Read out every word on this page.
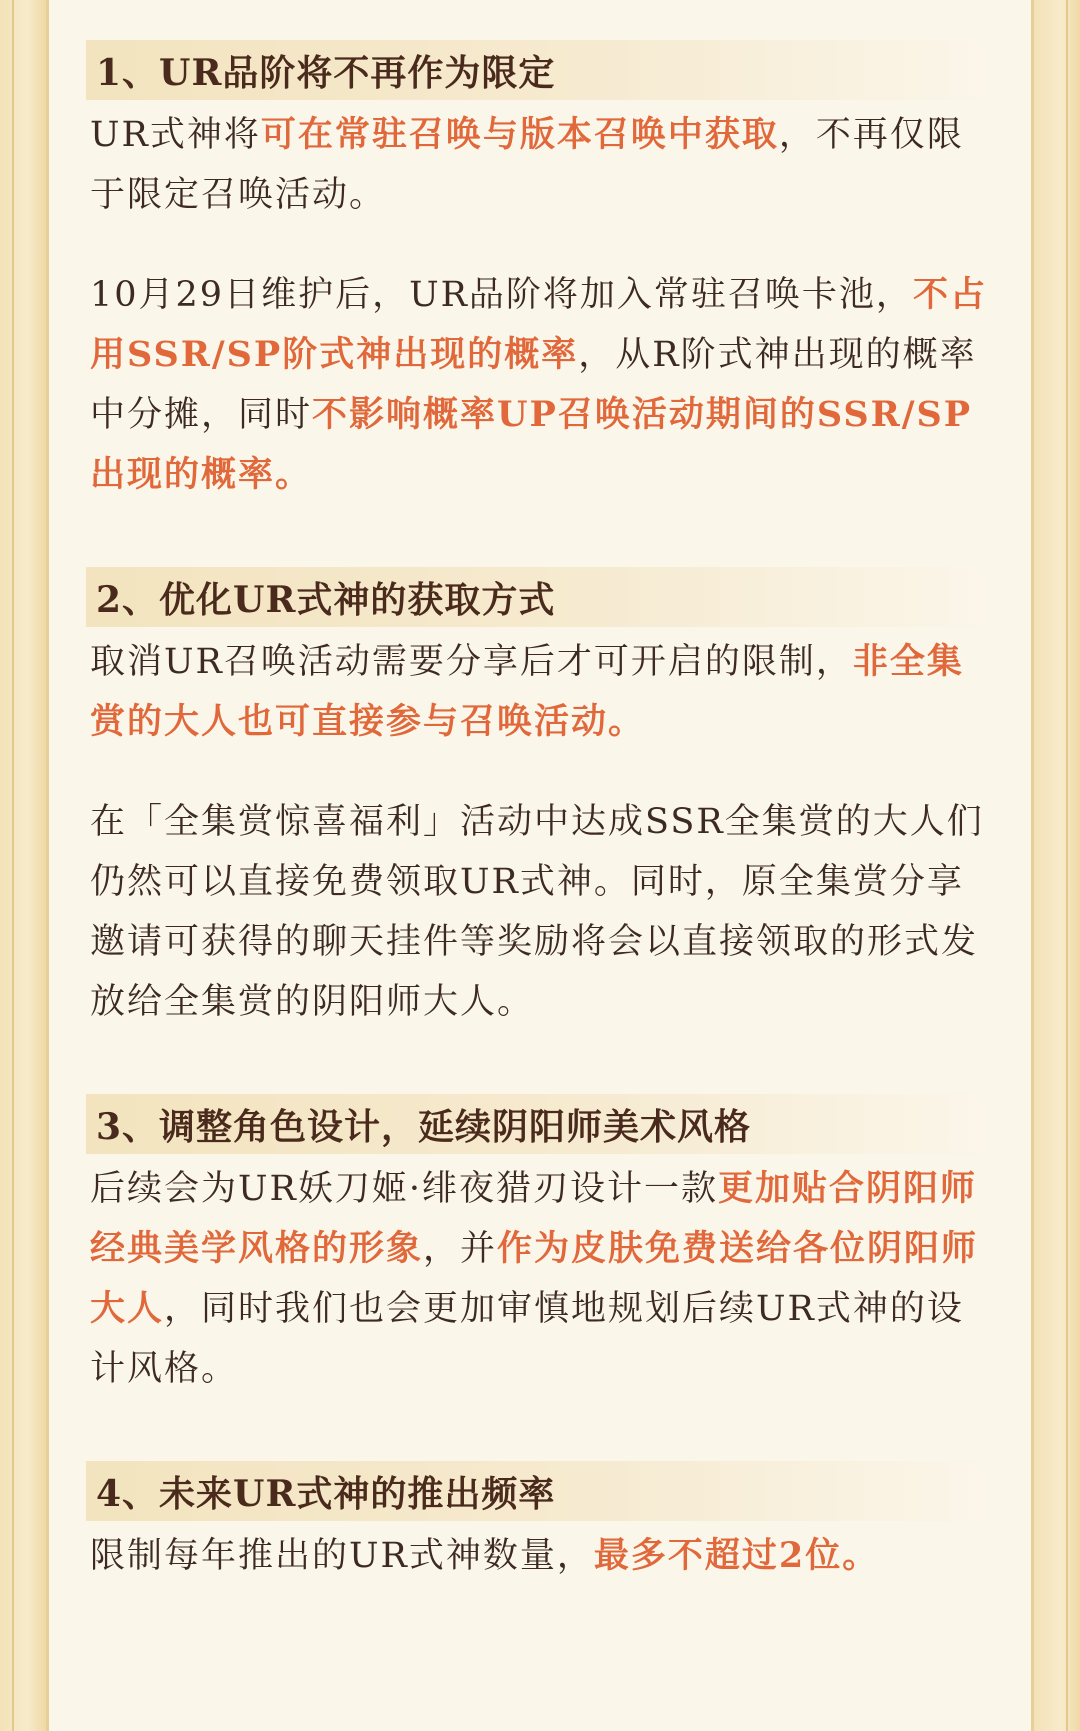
1、UR品阶将不再作为限定

UR式神将可在常驻召唤与版本召唤中获取，不再仅限于限定召唤活动。

10月29日维护后，UR品阶将加入常驻召唤卡池，不占用SSR/SP阶式神出现的概率，从R阶式神出现的概率中分摊，同时不影响概率UP召唤活动期间的SSR/SP出现的概率。

2、优化UR式神的获取方式

取消UR召唤活动需要分享后才可开启的限制，非全集赏的大人也可直接参与召唤活动。

在「全集赏惊喜福利」活动中达成SSR全集赏的大人们仍然可以直接免费领取UR式神。同时，原全集赏分享邀请可获得的聊天挂件等奖励将会以直接领取的形式发放给全集赏的阴阳师大人。

3、调整角色设计，延续阴阳师美术风格

后续会为UR妖刀姬·绯夜猎刃设计一款更加贴合阴阳师经典美学风格的形象，并作为皮肤免费送给各位阴阳师大人，同时我们也会更加审慎地规划后续UR式神的设计风格。

4、未来UR式神的推出频率

限制每年推出的UR式神数量，最多不超过2位。
